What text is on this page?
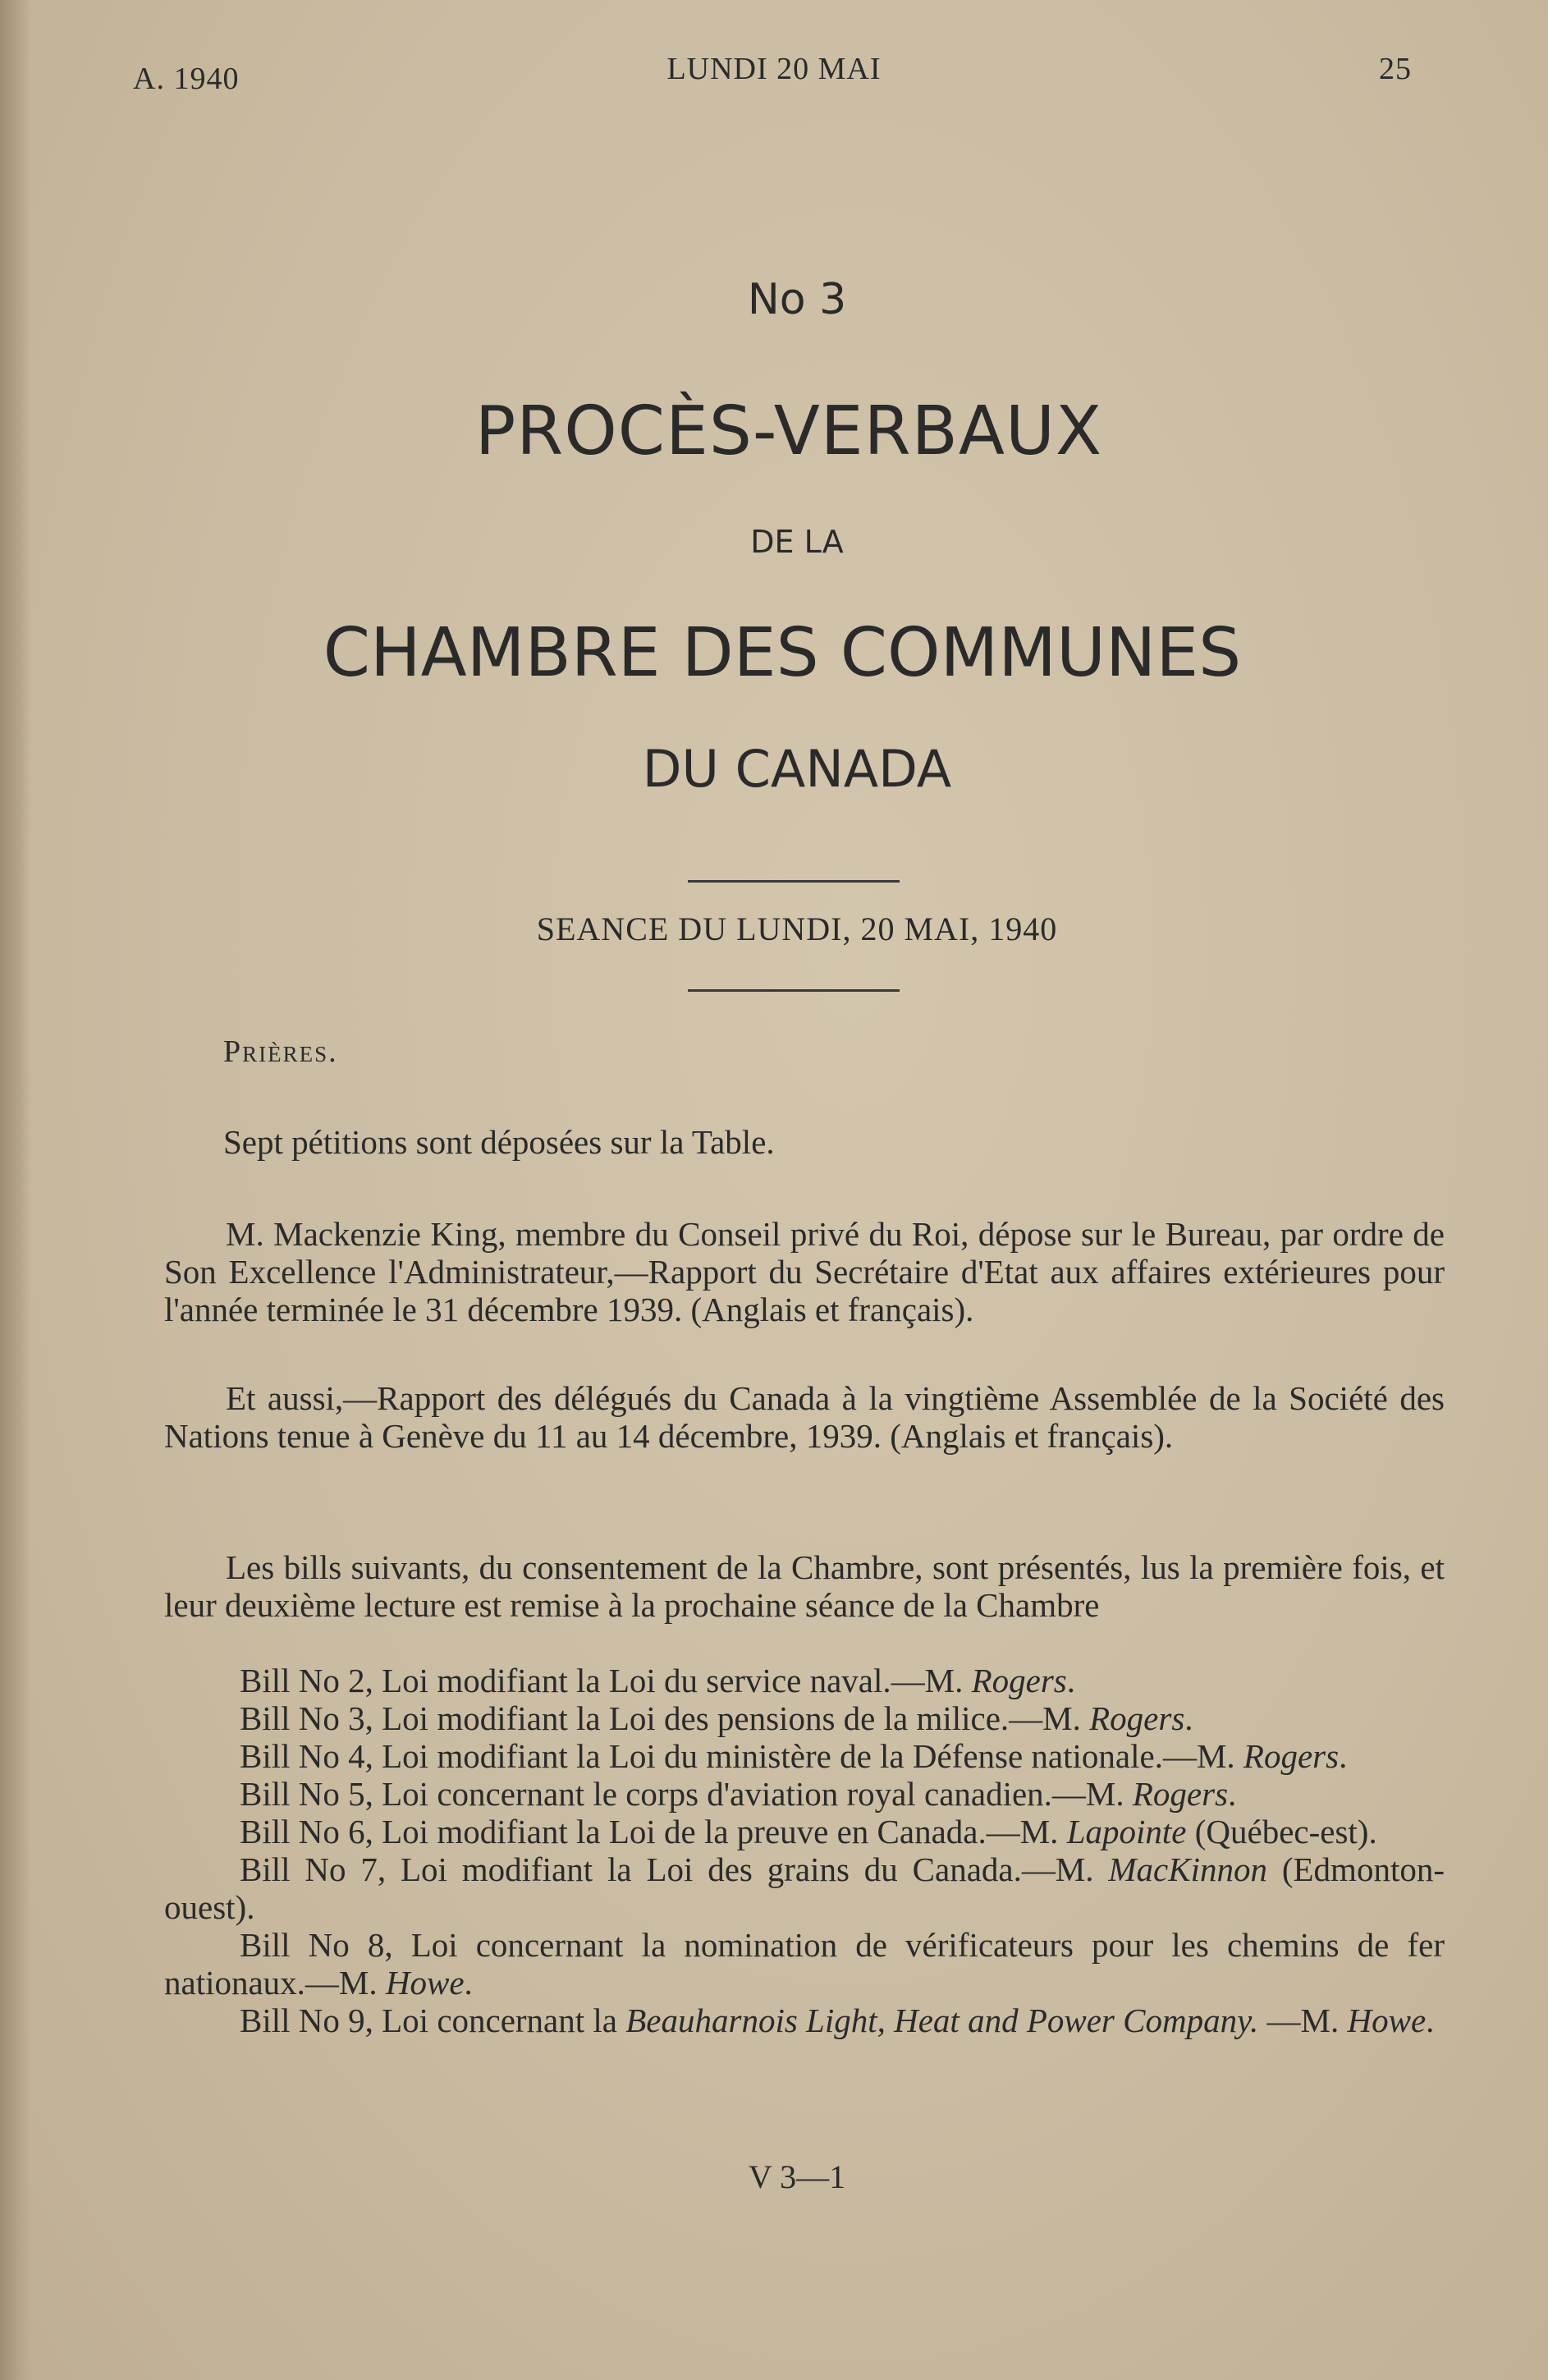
A. 1940	LUNDI 20 MAI	25
No 3
PROCÈS-VERBAUX
DE LA
CHAMBRE DES COMMUNES
DU CANADA
SEANCE DU LUNDI, 20 MAI, 1940
Prières.
Sept pétitions sont déposées sur la Table.

M. Mackenzie King, membre du Conseil privé du Roi, dépose sur le Bureau, par ordre de Son Excellence l'Administrateur,—Rapport du Secrétaire d'Etat aux affaires extérieures pour l'année terminée le 31 décembre 1939. (Anglais et français).

Et aussi,—Rapport des délégués du Canada à la vingtième Assemblée de la Société des Nations tenue à Genève du 11 au 14 décembre, 1939. (Anglais et français).

Les bills suivants, du consentement de la Chambre, sont présentés, lus la première fois, et leur deuxième lecture est remise à la prochaine séance de la Chambre

Bill No 2, Loi modifiant la Loi du service naval.—M. Rogers.

Bill No 3, Loi modifiant la Loi des pensions de la milice.—M. Rogers.

Bill No 4, Loi modifiant la Loi du ministère de la Défense nationale.—M. Rogers.

Bill No 5, Loi concernant le corps d'aviation royal canadien.—M. Rogers.

Bill No 6, Loi modifiant la Loi de la preuve en Canada.—M. Lapointe (Québec-est).

Bill No 7, Loi modifiant la Loi des grains du Canada.—M. MacKinnon (Edmonton-ouest).

Bill No 8, Loi concernant la nomination de vérificateurs pour les chemins de fer nationaux.—M. Howe.

Bill No 9, Loi concernant la Beauharnois Light, Heat and Power Company. —M. Howe.

V 3—1
